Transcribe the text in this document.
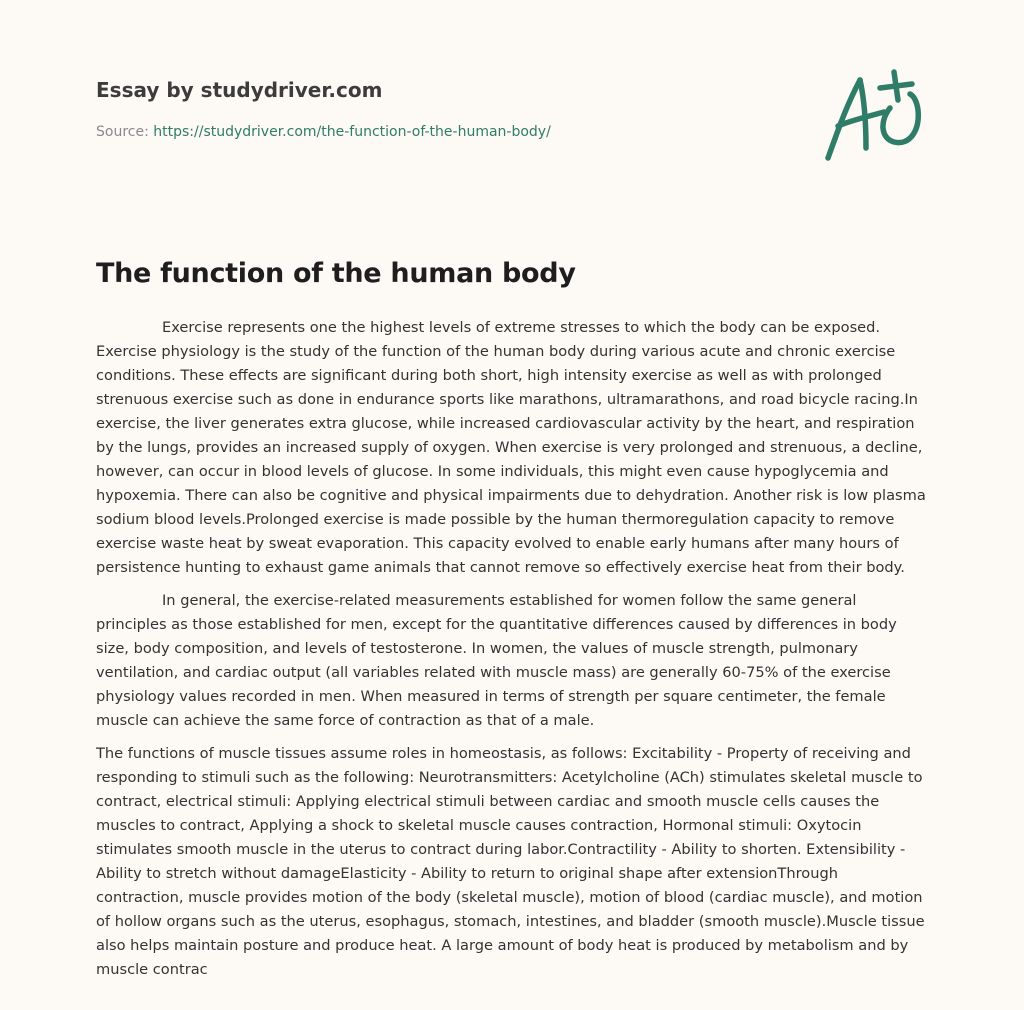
Essay by studydriver.com
Source: https://studydriver.com/the-function-of-the-human-body/
The function of the human body

Exercise represents one the highest levels of extreme stresses to which the body can be exposed. Exercise physiology is the study of the function of the human body during various acute and chronic exercise conditions. These effects are significant during both short, high intensity exercise as well as with prolonged strenuous exercise such as done in endurance sports like marathons, ultramarathons, and road bicycle racing.In exercise, the liver generates extra glucose, while increased cardiovascular activity by the heart, and respiration by the lungs, provides an increased supply of oxygen. When exercise is very prolonged and strenuous, a decline, however, can occur in blood levels of glucose. In some individuals, this might even cause hypoglycemia and hypoxemia. There can also be cognitive and physical impairments due to dehydration. Another risk is low plasma sodium blood levels.Prolonged exercise is made possible by the human thermoregulation capacity to remove exercise waste heat by sweat evaporation. This capacity evolved to enable early humans after many hours of persistence hunting to exhaust game animals that cannot remove so effectively exercise heat from their body.

In general, the exercise-related measurements established for women follow the same general principles as those established for men, except for the quantitative differences caused by differences in body size, body composition, and levels of testosterone. In women, the values of muscle strength, pulmonary ventilation, and cardiac output (all variables related with muscle mass) are generally 60-75% of the exercise physiology values recorded in men. When measured in terms of strength per square centimeter, the female muscle can achieve the same force of contraction as that of a male.

The functions of muscle tissues assume roles in homeostasis, as follows: Excitability - Property of receiving and responding to stimuli such as the following: Neurotransmitters: Acetylcholine (ACh) stimulates skeletal muscle to contract, electrical stimuli: Applying electrical stimuli between cardiac and smooth muscle cells causes the muscles to contract, Applying a shock to skeletal muscle causes contraction, Hormonal stimuli: Oxytocin stimulates smooth muscle in the uterus to contract during labor.Contractility - Ability to shorten. Extensibility - Ability to stretch without damageElasticity - Ability to return to original shape after extensionThrough contraction, muscle provides motion of the body (skeletal muscle), motion of blood (cardiac muscle), and motion of hollow organs such as the uterus, esophagus, stomach, intestines, and bladder (smooth muscle).Muscle tissue also helps maintain posture and produce heat. A large amount of body heat is produced by metabolism and by muscle contrac
